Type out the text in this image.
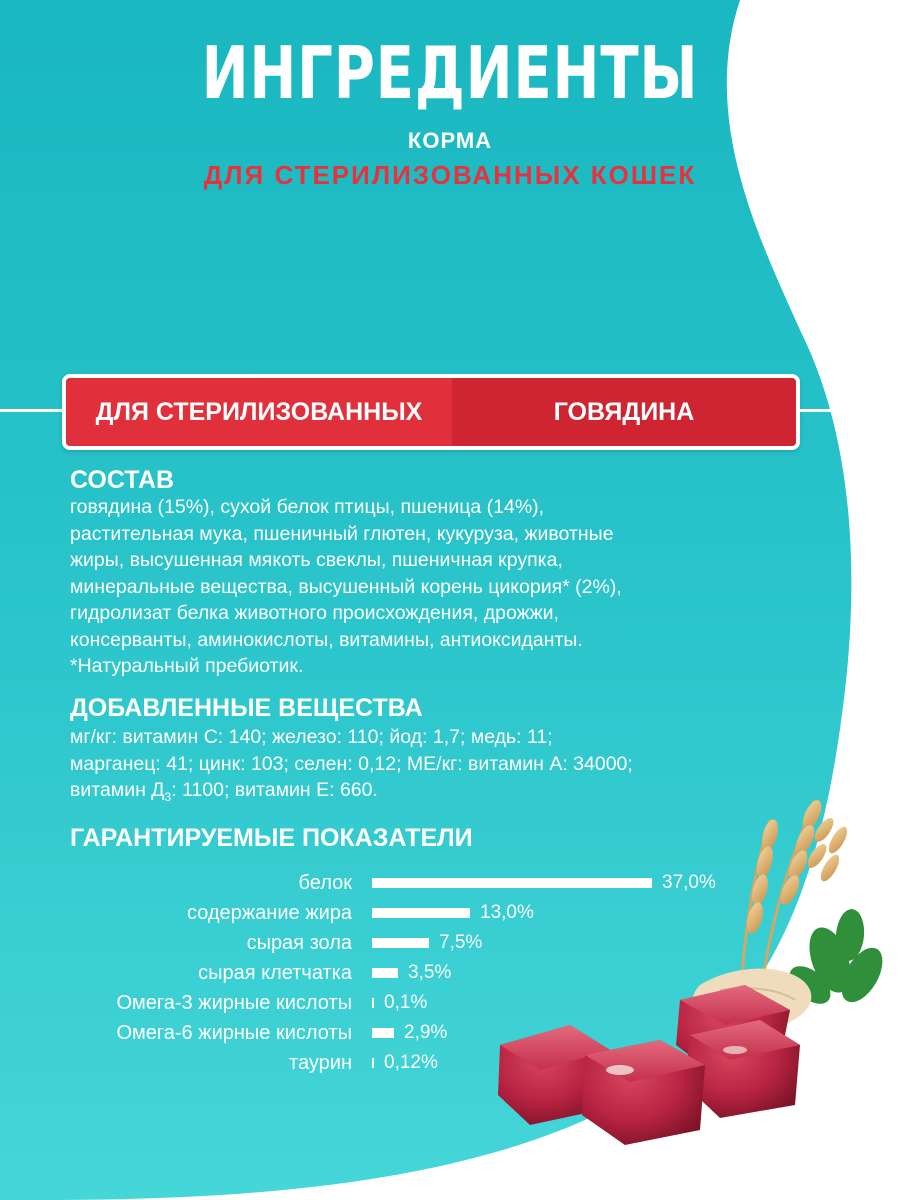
ИНГРЕДИЕНТЫ
КОРМА
ДЛЯ СТЕРИЛИЗОВАННЫХ КОШЕК
ДЛЯ СТЕРИЛИЗОВАННЫХ	ГОВЯДИНА
СОСТАВ
говядина (15%), сухой белок птицы, пшеница (14%),
растительная мука, пшеничный глютен, кукуруза, животные
жиры, высушенная мякоть свеклы, пшеничная крупка,
минеральные вещества, высушенный корень цикория* (2%),
гидролизат белка животного происхождения, дрожжи,
консерванты, аминокислоты, витамины, антиоксиданты.
*Натуральный пребиотик.
ДОБАВЛЕННЫЕ ВЕЩЕСТВА
мг/кг: витамин С: 140; железо: 110; йод: 1,7; медь: 11;
марганец: 41; цинк: 103; селен: 0,12; МЕ/кг: витамин А: 34000;
витамин $Д_3$: 1100; витамин Е: 660.
ГАРАНТИРУЕМЫЕ ПОКАЗАТЕЛИ
белок	37,0%
содержание жира	13,0%
сырая зола	7,5%
сырая клетчатка	3,5%
Омега-3 жирные кислоты 0,1%
Омега-6 жирные кислоты	2,9%
таурин 0,12%
